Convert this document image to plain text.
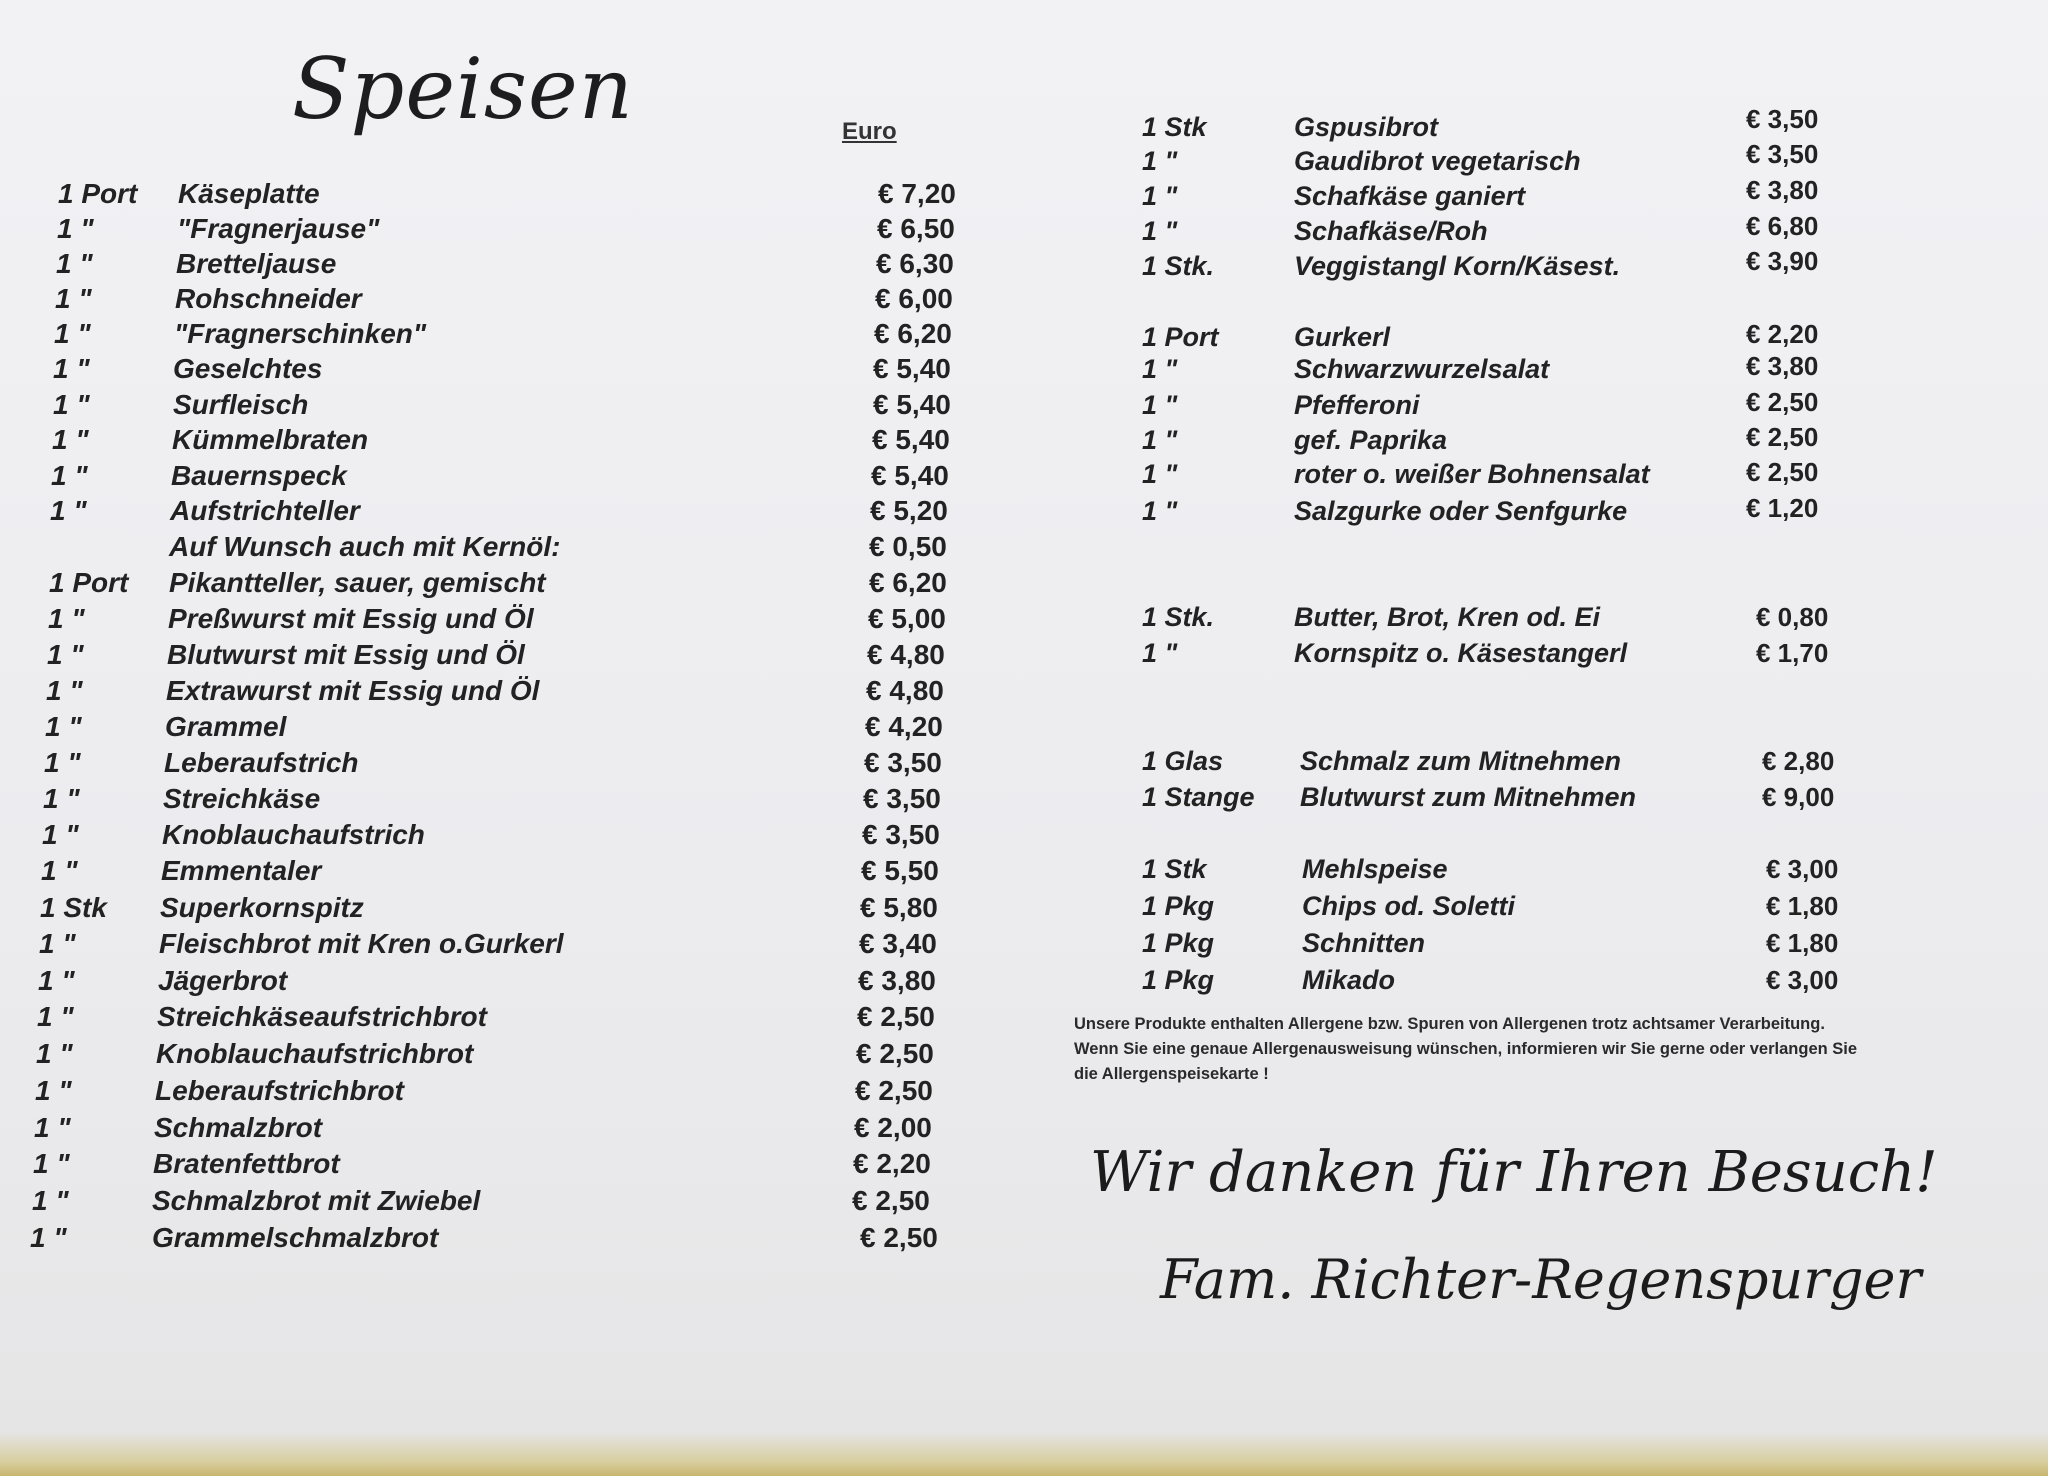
Speisen	Euro
1 Port Käseplatte	€ 7,20
1 "	"Fragnerjause"	€ 6,50
1 "	Bretteljause	€ 6,30
1 "	Rohschneider	€ 6,00
1 "	"Fragnerschinken"	€ 6,20
1 "	Geselchtes	€ 5,40
1 "	Surfleisch	€ 5,40
1 "	Kümmelbraten	€ 5,40
1 "	Bauernspeck	€ 5,40
1 "	Aufstrichteller	€ 5,20
Auf Wunsch auch mit Kernöl:	€ 0,50
1 Port Pikantteller, sauer, gemischt	€ 6,20
1 "	Preßwurst mit Essig und Öl	€ 5,00
1 "	Blutwurst mit Essig und Öl	€ 4,80
1 "	Extrawurst mit Essig und Öl	€ 4,80
1 "	Grammel	€ 4,20
1 "	Leberaufstrich	€ 3,50
1 "	Streichkäse	€ 3,50
1 "	Knoblauchaufstrich	€ 3,50
1 "	Emmentaler	€ 5,50
1 Stk Superkornspitz	€ 5,80
1 "	Fleischbrot mit Kren o.Gurkerl	€ 3,40
1 "	Jägerbrot	€ 3,80
1 "	Streichkäseaufstrichbrot	€ 2,50
1 "	Knoblauchaufstrichbrot	€ 2,50
1 "	Leberaufstrichbrot	€ 2,50
1 "	Schmalzbrot	€ 2,00
1 "	Bratenfettbrot	€ 2,20
1 "	Schmalzbrot mit Zwiebel	€ 2,50
1 "	Grammelschmalzbrot	€ 2,50
1 Stk	Gspusibrot	€ 3,50
1 "	Gaudibrot vegetarisch	€ 3,50
1 "	Schafkäse ganiert	€ 3,80
1 "	Schafkäse/Roh	€ 6,80
1 Stk.	Veggistangl Korn/Käsest.	€ 3,90
1 Port	Gurkerl	€ 2,20
1 "	Schwarzwurzelsalat	€ 3,80
1 "	Pfefferoni	€ 2,50
1 "	gef. Paprika	€ 2,50
1 "	roter o. weißer Bohnensalat	€ 2,50
1 "	Salzgurke oder Senfgurke	€ 1,20
1 Stk.	Butter, Brot, Kren od. Ei	€ 0,80
1 "	Kornspitz o. Käsestangerl	€ 1,70
1 Glas	Schmalz zum Mitnehmen	€ 2,80
1 Stange Blutwurst zum Mitnehmen	€ 9,00
1 Stk	Mehlspeise	€ 3,00
1 Pkg	Chips od. Soletti	€ 1,80
1 Pkg	Schnitten	€ 1,80
1 Pkg	Mikado	€ 3,00

Unsere Produkte enthalten Allergene bzw. Spuren von Allergenen trotz achtsamer Verarbeitung.

Wenn Sie eine genaue Allergenausweisung wünschen, informieren wir Sie gerne oder verlangen Sie

die Allergenspeisekarte !

Wir danken für Ihren Besuch!
Fam. Richter-Regenspurger
